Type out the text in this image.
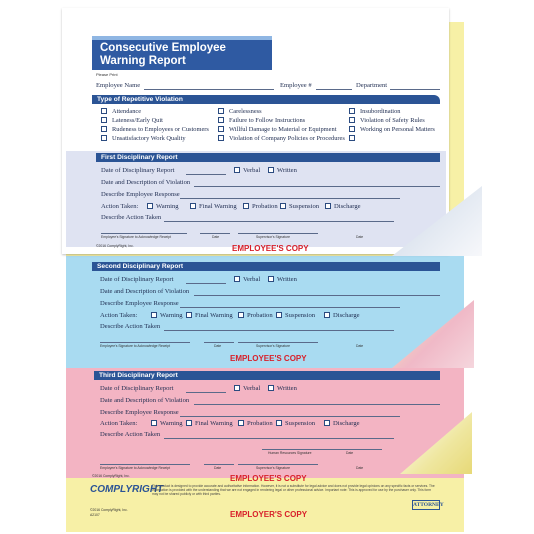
Consecutive Employee
Warning Report
Please Print
Employee Name	Employee #	Department
Type of Repetitive Violation
Attendance
Lateness/Early Quit
Rudeness to Employees or Customers
Unsatisfactory Work Quality
Carelessness
Failure to Follow Instructions
Willful Damage to Material or Equipment
Violation of Company Policies or Procedures
Insubordination
Violation of Safety Rules
Working on Personal Matters
First Disciplinary Report
Date of Disciplinary Report	Verbal	Written
Date and Description of Violation
Describe Employee Response
Action Taken:	Warning	Final Warning	Probation	Suspension	Discharge
Describe Action Taken
Employee's Signature to Acknowledge Receipt	Date	Supervisor's Signature	Date
©2016 ComplyRight, Inc.	EMPLOYEE'S COPY
Second Disciplinary Report
Date of Disciplinary Report	Verbal	Written
Date and Description of Violation
Describe Employee Response
Action Taken:	Warning	Final Warning	Probation	Suspension	Discharge
Describe Action Taken
Employee's Signature to Acknowledge Receipt	Date	Supervisor's Signature	Date
EMPLOYEE'S COPY
Third Disciplinary Report
Date of Disciplinary Report	Verbal	Written
Date and Description of Violation
Describe Employee Response
Action Taken:	Warning	Final Warning	Probation	Suspension	Discharge
Describe Action Taken
Human Resources Signature	Date
Employee's Signature to Acknowledge Receipt	Date	Supervisor's Signature	Date
©2016 ComplyRight, Inc.	EMPLOYEE'S COPY
COMPLYRIGHT
This product is designed to provide accurate and authoritative information. However, it is not a substitute for legal advice and does not provide legal opinions on any specific facts or services. The information is provided with the understanding that we are not engaged in rendering legal or other professional advice. Important note: This is approved for use by the purchaser only. This form may not be shared publicly or with third parties.
©2016 ComplyRight, Inc.
A2107	EMPLOYER'S COPY
ATTORNEY
